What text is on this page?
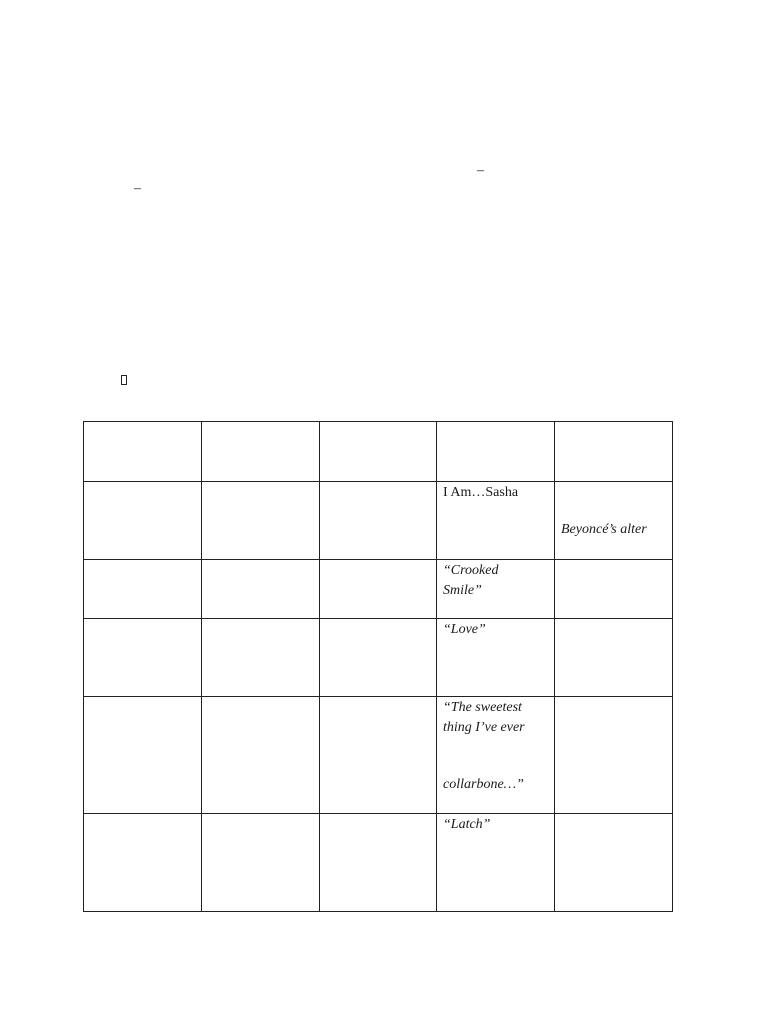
–
–

			I Am…Sasha	Beyoncé’s alter

			“Crooked Smile”	

			“Love”	

			“The sweetest thing I’ve ever
collarbone…”	

			“Latch”	
